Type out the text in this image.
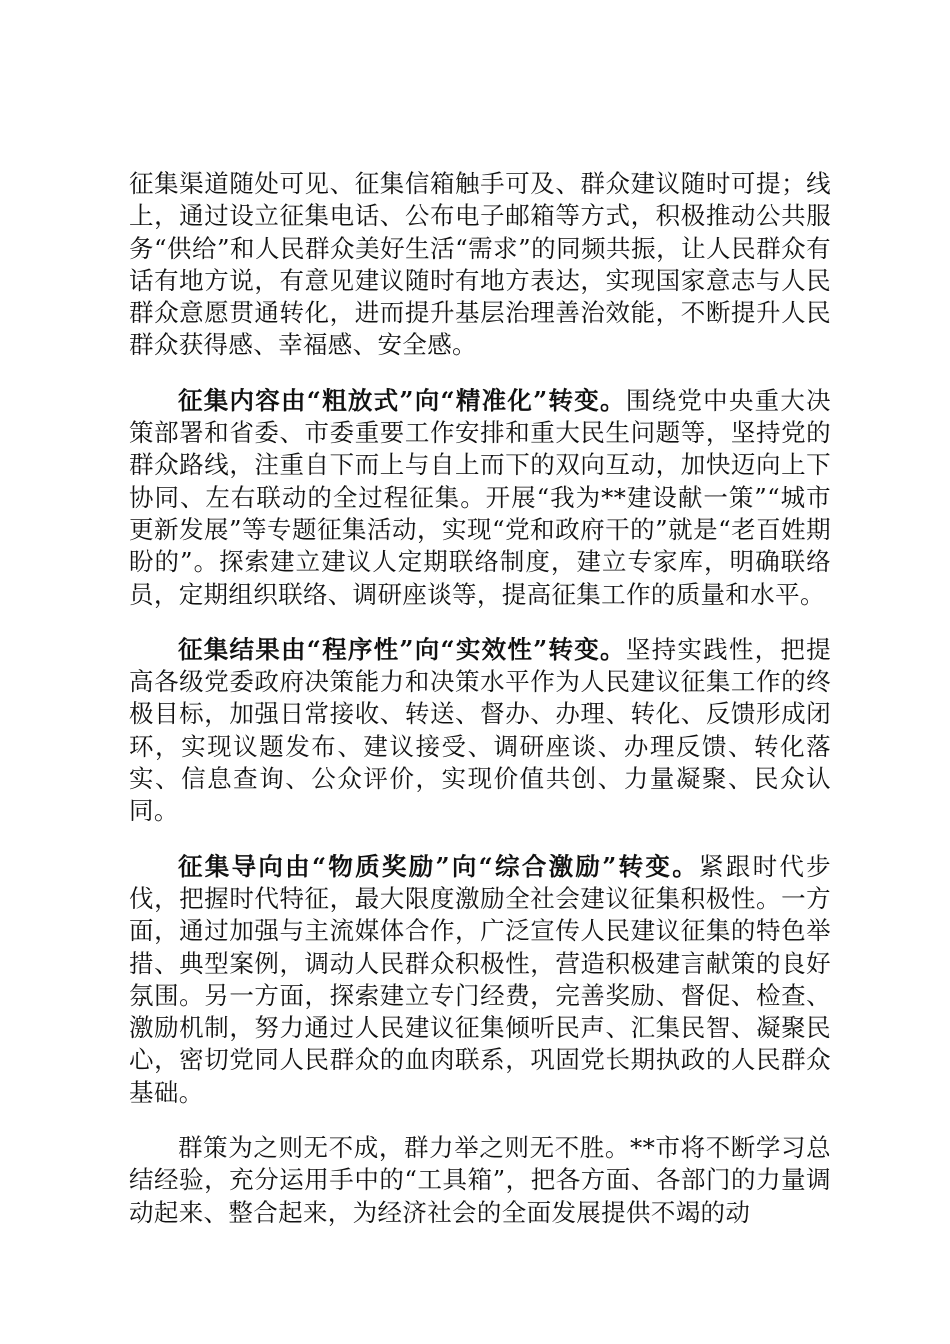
征集渠道随处可见、征集信箱触手可及、群众建议随时可提；线上，通过设立征集电话、公布电子邮箱等方式，积极推动公共服务“供给”和人民群众美好生活“需求”的同频共振，让人民群众有话有地方说，有意见建议随时有地方表达，实现国家意志与人民群众意愿贯通转化，进而提升基层治理善治效能，不断提升人民群众获得感、幸福感、安全感。

征集内容由“粗放式”向“精准化”转变。围绕党中央重大决策部署和省委、市委重要工作安排和重大民生问题等，坚持党的群众路线，注重自下而上与自上而下的双向互动，加快迈向上下协同、左右联动的全过程征集。开展“我为**建设献一策”“城市更新发展”等专题征集活动，实现“党和政府干的”就是“老百姓期盼的”。探索建立建议人定期联络制度，建立专家库，明确联络员，定期组织联络、调研座谈等，提高征集工作的质量和水平。

征集结果由“程序性”向“实效性”转变。坚持实践性，把提高各级党委政府决策能力和决策水平作为人民建议征集工作的终极目标，加强日常接收、转送、督办、办理、转化、反馈形成闭环，实现议题发布、建议接受、调研座谈、办理反馈、转化落实、信息查询、公众评价，实现价值共创、力量凝聚、民众认同。

征集导向由“物质奖励”向“综合激励”转变。紧跟时代步伐，把握时代特征，最大限度激励全社会建议征集积极性。一方面，通过加强与主流媒体合作，广泛宣传人民建议征集的特色举措、典型案例，调动人民群众积极性，营造积极建言献策的良好氛围。另一方面，探索建立专门经费，完善奖励、督促、检查、激励机制，努力通过人民建议征集倾听民声、汇集民智、凝聚民心，密切党同人民群众的血肉联系，巩固党长期执政的人民群众基础。

群策为之则无不成，群力举之则无不胜。**市将不断学习总结经验，充分运用手中的“工具箱”，把各方面、各部门的力量调动起来、整合起来，为经济社会的全面发展提供不竭的动
